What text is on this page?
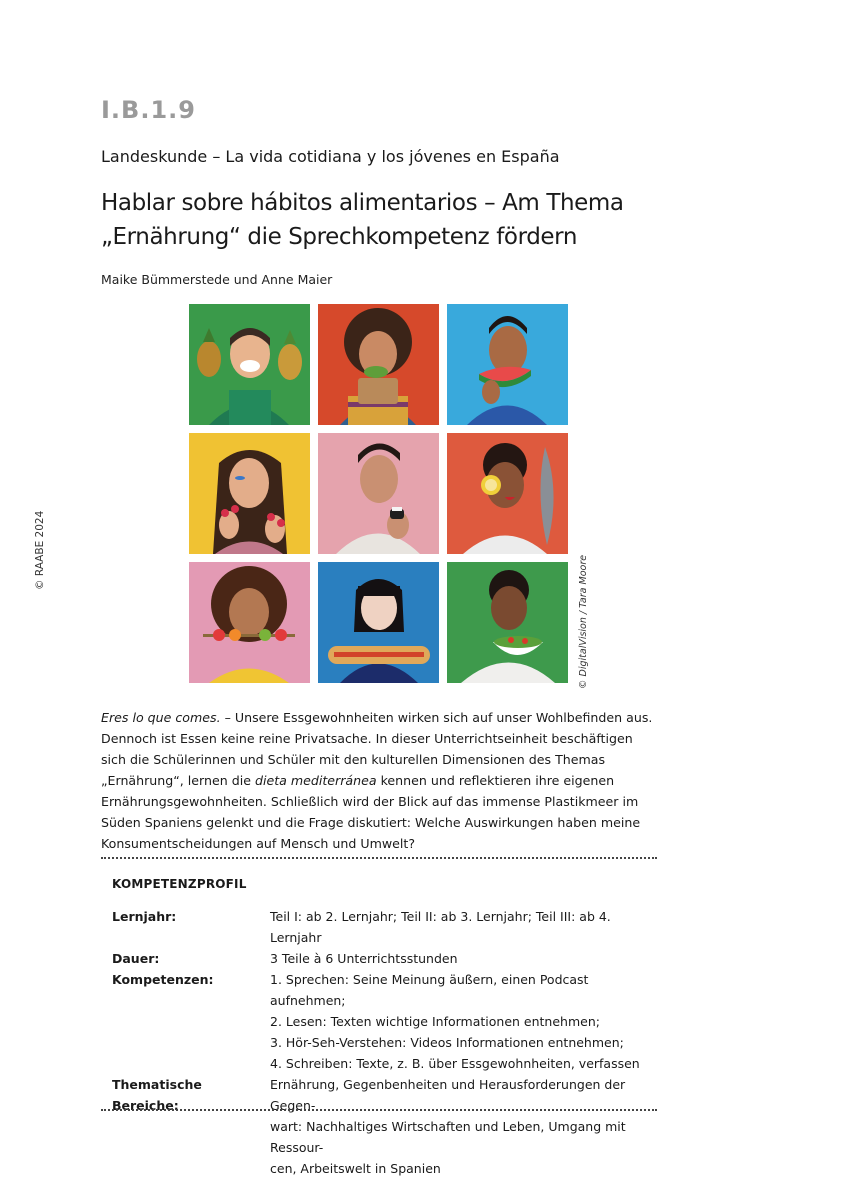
I.B.1.9
Landeskunde – La vida cotidiana y los jóvenes en España
Hablar sobre hábitos alimentarios – Am Thema
„Ernährung“ die Sprechkompetenz fördern

Maike Bümmerstede und Anne Maier

© RAABE 2024
© DigitalVision / Tara Moore

Eres lo que comes. – Unsere Essgewohnheiten wirken sich auf unser Wohlbefinden aus. Dennoch ist Essen keine reine Privatsache. In dieser Unterrichtseinheit beschäftigen sich die Schülerinnen und Schüler mit den kulturellen Dimensionen des Themas „Ernährung“, lernen die dieta mediterránea kennen und reflektieren ihre eigenen Ernährungsgewohnheiten. Schließlich wird der Blick auf das immense Plastikmeer im Süden Spaniens gelenkt und die Frage diskutiert: Welche Auswirkungen haben meine Konsumentscheidungen auf Mensch und Umwelt?

KOMPETENZPROFIL
Lernjahr:	Teil I: ab 2. Lernjahr; Teil II: ab 3. Lernjahr; Teil III: ab 4. Lernjahr
Dauer:	3 Teile à 6 Unterrichtsstunden
Kompetenzen:	1. Sprechen: Seine Meinung äußern, einen Podcast aufnehmen;
2. Lesen: Texten wichtige Informationen entnehmen;
3. Hör-Seh-Verstehen: Videos Informationen entnehmen;
4. Schreiben: Texte, z. B. über Essgewohnheiten, verfassen
Thematische Bereiche:
Ernährung, Gegenbenheiten und Herausforderungen der Gegen-
wart: Nachhaltiges Wirtschaften und Leben, Umgang mit Ressour-
cen, Arbeitswelt in Spanien
